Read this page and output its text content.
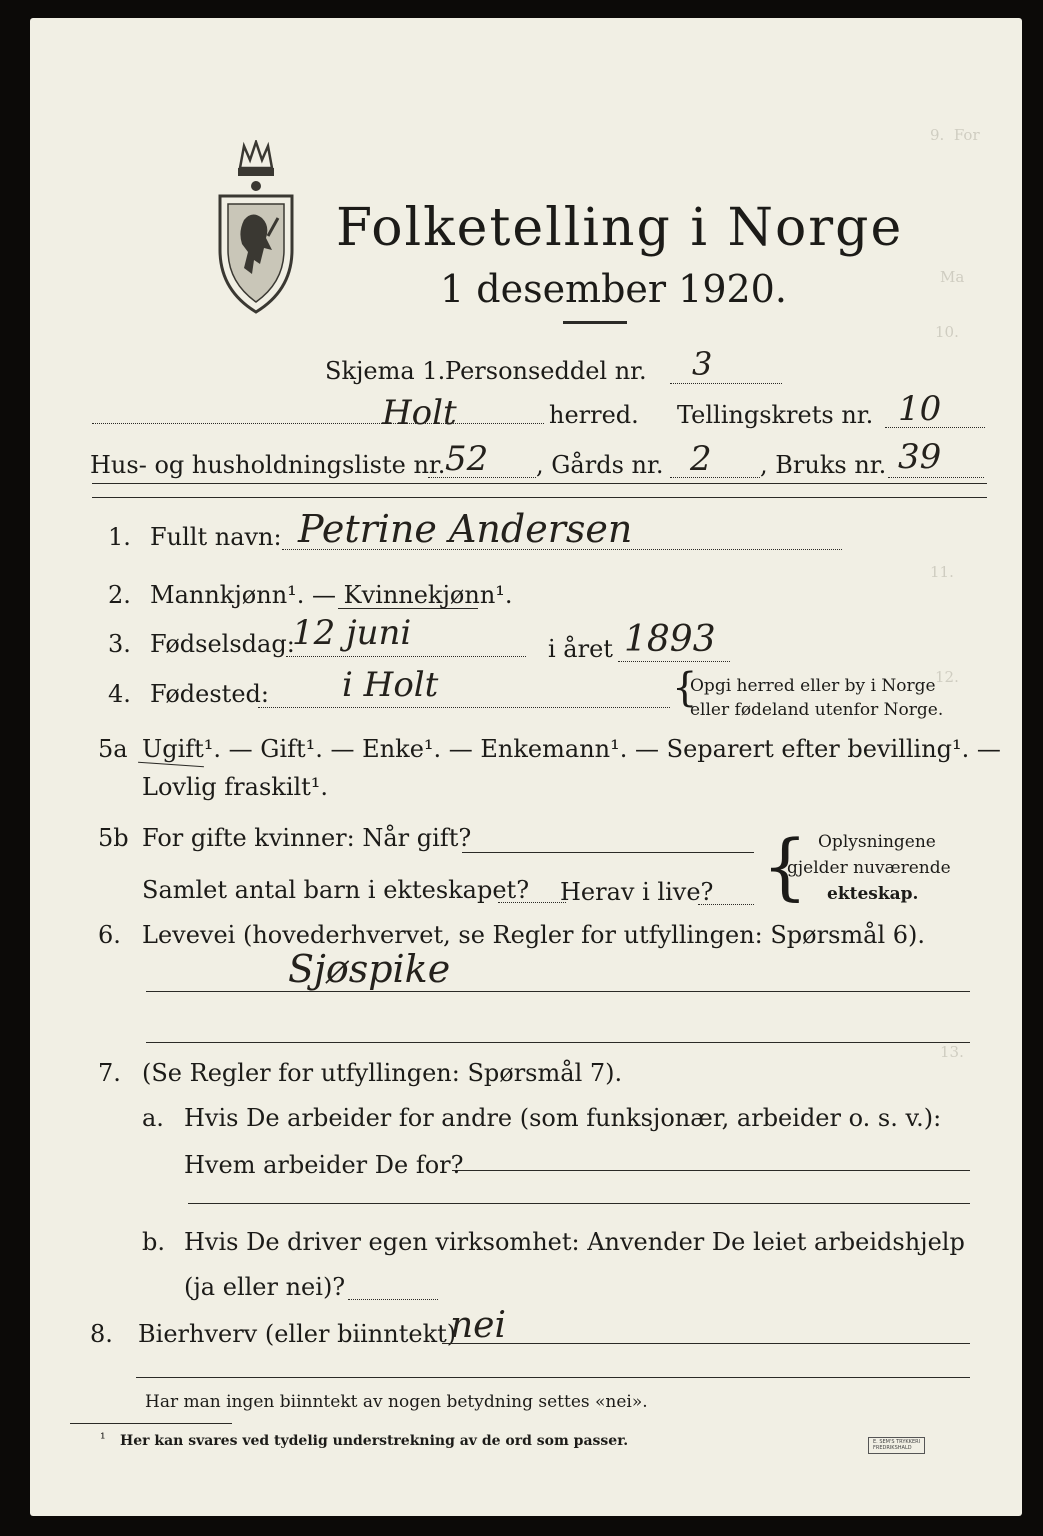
9.  For
Ma
10.
11.
12.
13.
Folketelling i Norge
1 desember 1920.
Skjema 1. Personseddel nr. 3
Holt	herred. Tellingskrets nr. 10
Hus- og husholdningsliste nr. 52 , Gårds nr. 2 , Bruks nr. 39
1. Fullt navn: Petrine Andersen
2. Mannkjønn¹. — Kvinnekjønn¹.
3. Fødselsdag:
12 juni	i året 1893
4. Fødested: i Holt	{
Opgi herred eller by i Norge
eller fødeland utenfor Norge.
5a Ugift¹. — Gift¹. — Enke¹. — Enkemann¹. — Separert efter bevilling¹. —
Lovlig fraskilt¹.
5b For gifte kvinner: Når gift?
Samlet antal barn i ekteskapet? Herav i live? { Oplysningene
gjelder nuværende
ekteskap.
6. Levevei (hovederhvervet, se Regler for utfyllingen: Spørsmål 6).
Sjøspike
7. (Se Regler for utfyllingen: Spørsmål 7).
a. Hvis De arbeider for andre (som funksjonær, arbeider o. s. v.):
Hvem arbeider De for?
b. Hvis De driver egen virksomhet: Anvender De leiet arbeidshjelp
(ja eller nei)?
8. Bierhverv (eller biinntekt)
nei
Har man ingen biinntekt av nogen betydning settes «nei».
¹ Her kan svares ved tydelig understrekning av de ord som passer.	E. SEM'S TRYKKERI
FREDRIKSHALD
